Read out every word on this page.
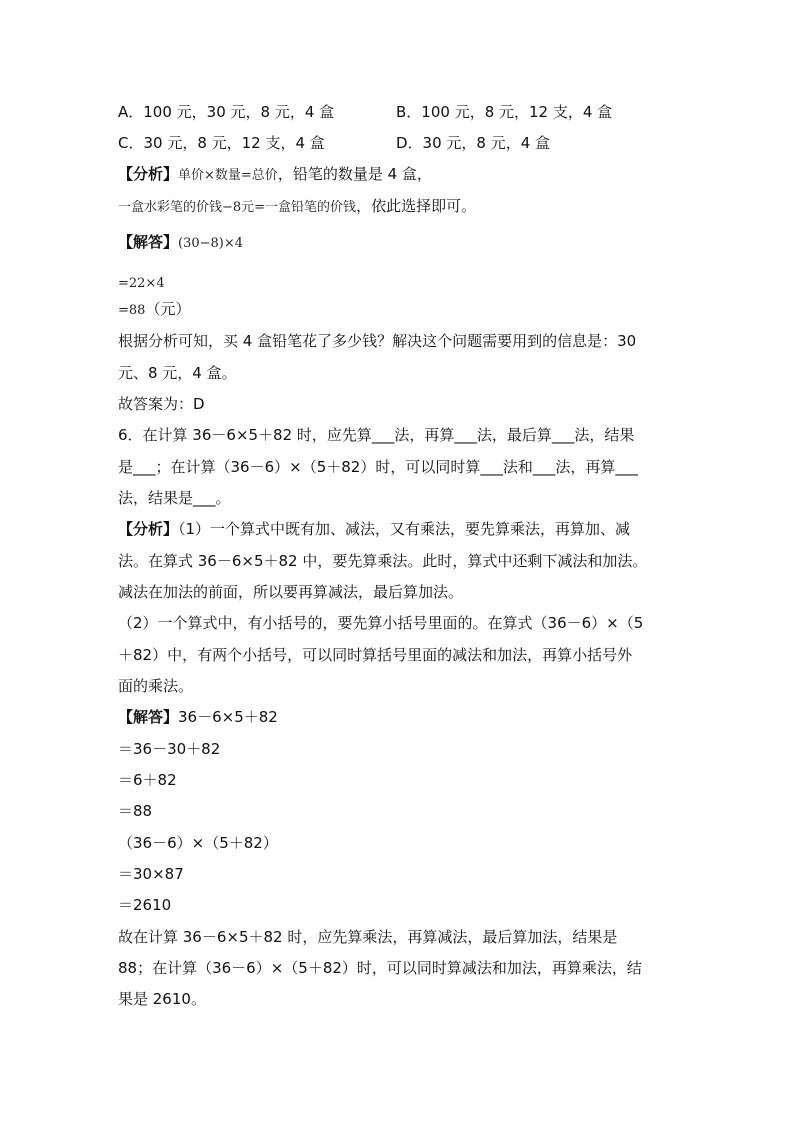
A．100 元，30 元，8 元，4 盒	B．100 元，8 元，12 支，4 盒
C．30 元，8 元，12 支，4 盒	D．30 元，8 元，4 盒
【分析】单价×数量=总价，铅笔的数量是 4 盒，
一盒水彩笔的价钱−8元=一盒铅笔的价钱，依此选择即可。
【解答】(30−8)×4
=22×4
=88（元）
根据分析可知，买 4 盒铅笔花了多少钱？解决这个问题需要用到的信息是：30
元、8 元，4 盒。
故答案为：D
6．在计算 36－6×5＋82 时，应先算___法，再算___法，最后算___法，结果
是___；在计算（36－6）×（5＋82）时，可以同时算___法和___法，再算___
法，结果是___。
【分析】（1）一个算式中既有加、减法，又有乘法，要先算乘法，再算加、减
法。在算式 36－6×5＋82 中，要先算乘法。此时，算式中还剩下减法和加法。
减法在加法的前面，所以要再算减法，最后算加法。
（2）一个算式中，有小括号的，要先算小括号里面的。在算式（36－6）×（5
＋82）中，有两个小括号，可以同时算括号里面的减法和加法，再算小括号外
面的乘法。
【解答】36－6×5＋82
＝36－30＋82
＝6＋82
＝88
（36－6）×（5＋82）
＝30×87
＝2610
故在计算 36－6×5＋82 时，应先算乘法，再算减法，最后算加法，结果是
88；在计算（36－6）×（5＋82）时，可以同时算减法和加法，再算乘法，结
果是 2610。
